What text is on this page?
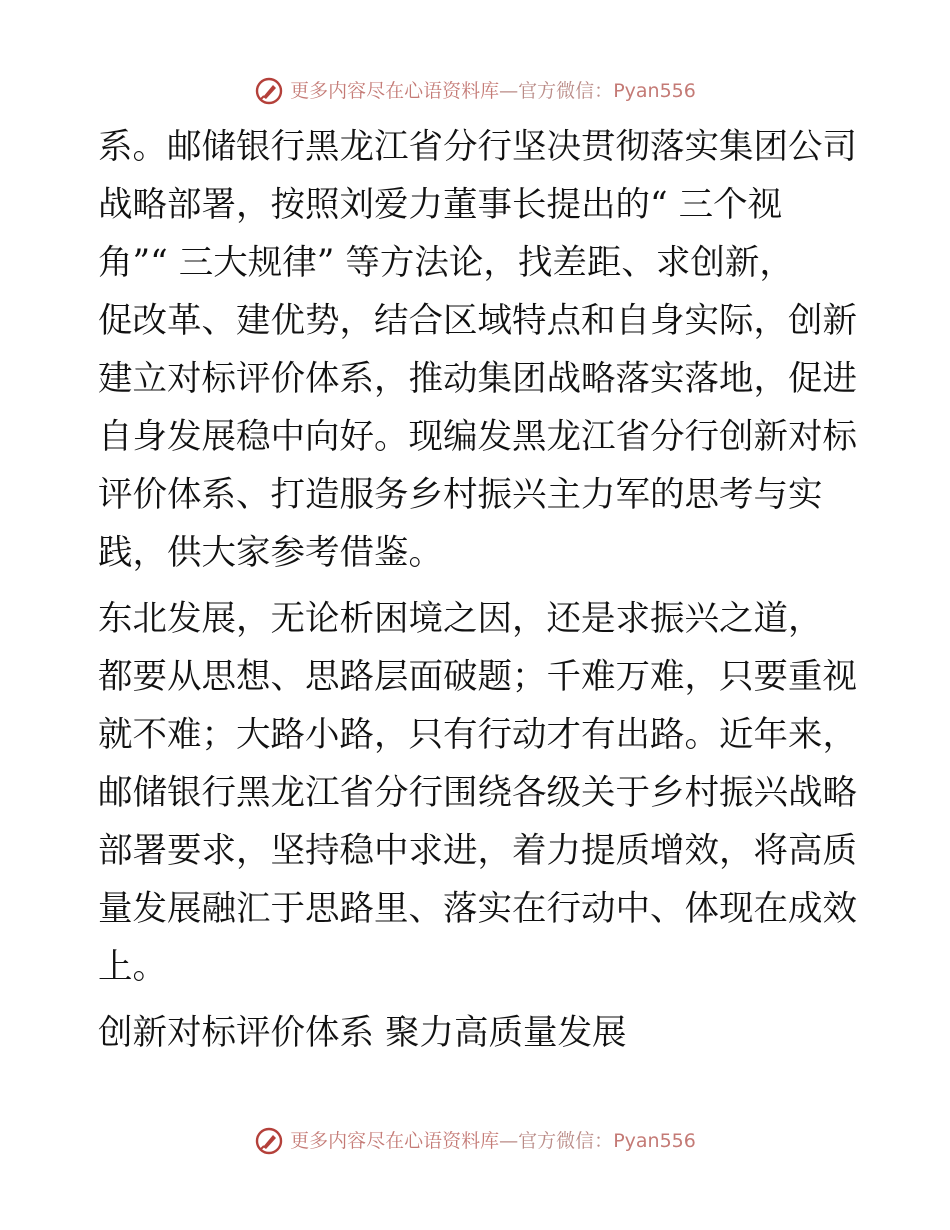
更多内容尽在心语资料库 —官方微信： Pyan556

系。邮储银行黑龙江省分行坚决贯彻落实集团公司
战略部署，按照刘爱力董事长提出的“ 三个视
角”“ 三大规律” 等方法论，找差距、求创新，
促改革、建优势，结合区域特点和自身实际，创新
建立对标评价体系，推动集团战略落实落地，促进
自身发展稳中向好。现编发黑龙江省分行创新对标
评价体系、打造服务乡村振兴主力军的思考与实
践，供大家参考借鉴。

东北发展，无论析困境之因，还是求振兴之道，
都要从思想、思路层面破题；千难万难，只要重视
就不难；大路小路，只有行动才有出路。近年来，
邮储银行黑龙江省分行围绕各级关于乡村振兴战略
部署要求，坚持稳中求进，着力提质增效，将高质
量发展融汇于思路里、落实在行动中、体现在成效
上。

创新对标评价体系 聚力高质量发展

更多内容尽在心语资料库 —官方微信： Pyan556
